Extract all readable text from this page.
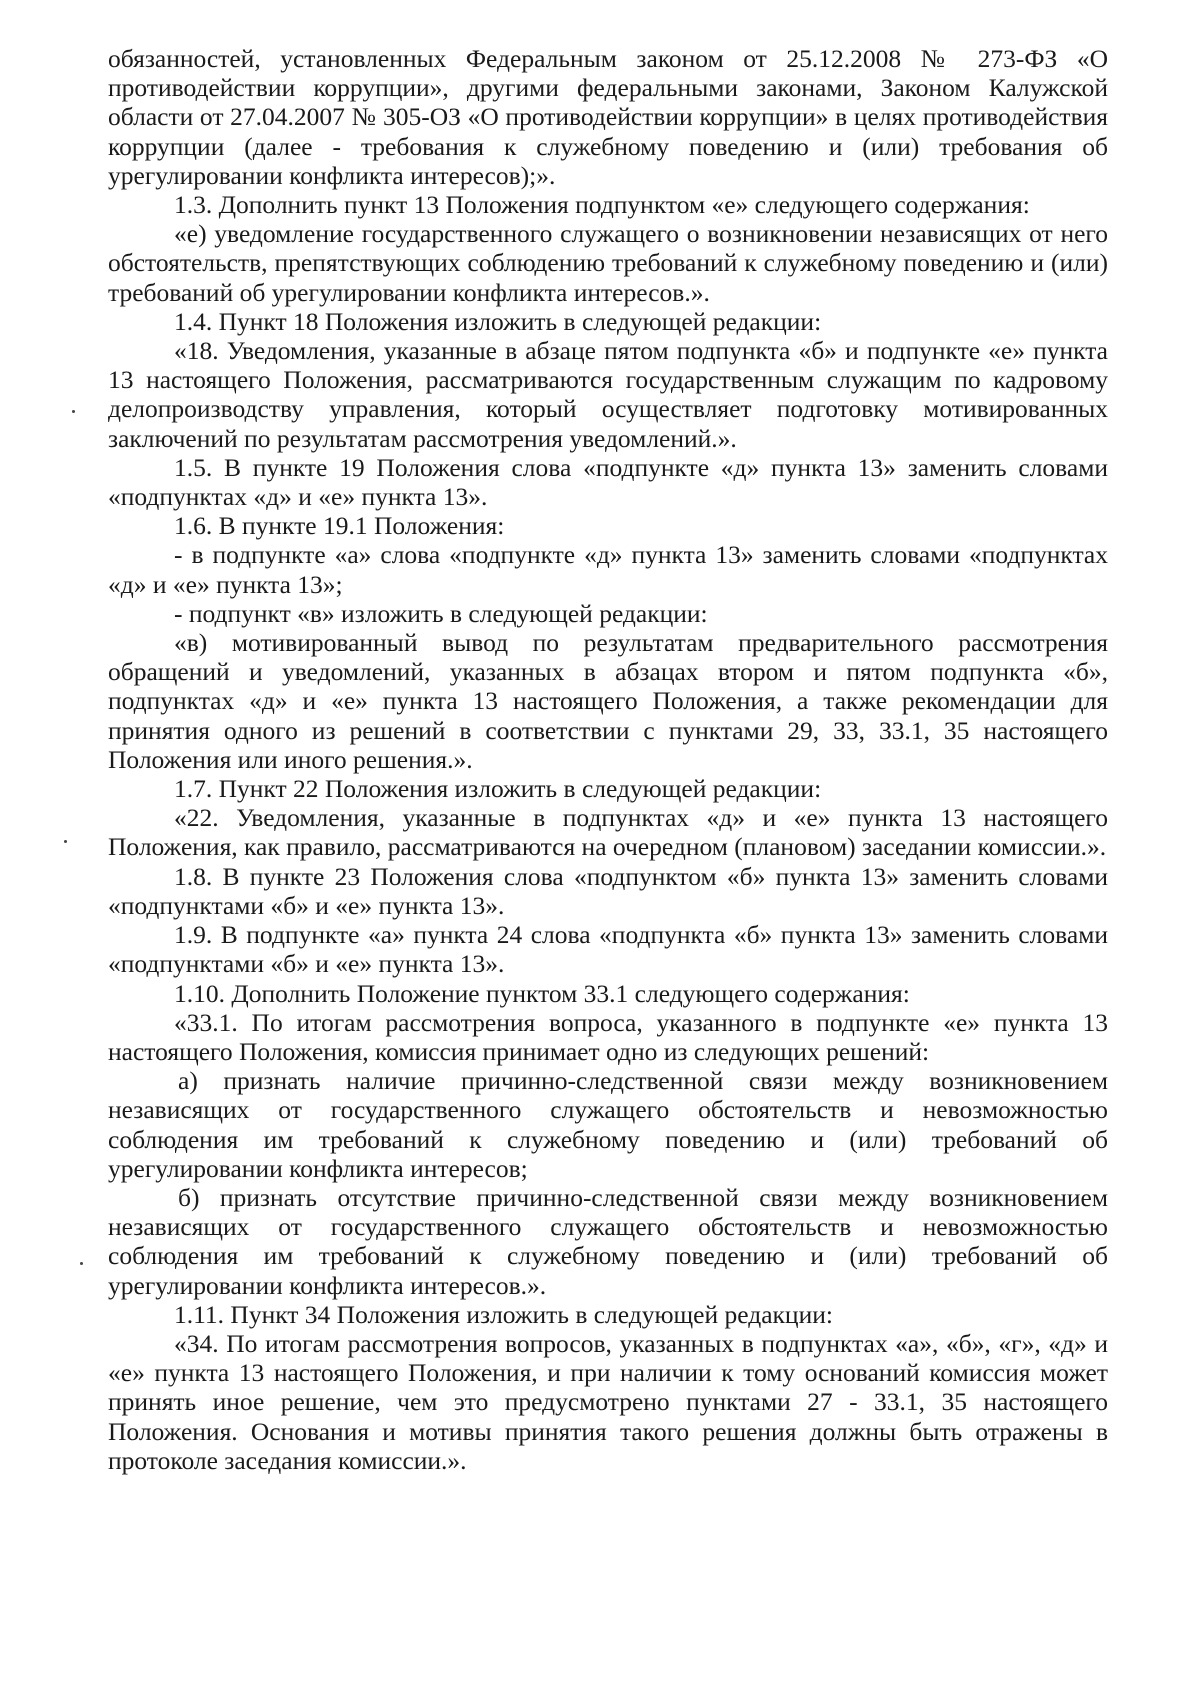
обязанностей, установленных Федеральным законом от 25.12.2008 № 273-ФЗ «О противодействии коррупции», другими федеральными законами, Законом Калужской области от 27.04.2007 № 305-ОЗ «О противодействии коррупции» в целях противодействия коррупции (далее - требования к служебному поведению и (или) требования об урегулировании конфликта интересов);».

1.3. Дополнить пункт 13 Положения подпунктом «е» следующего содержания:

«е) уведомление государственного служащего о возникновении независящих от него обстоятельств, препятствующих соблюдению требований к служебному поведению и (или) требований об урегулировании конфликта интересов.».

1.4. Пункт 18 Положения изложить в следующей редакции:

«18. Уведомления, указанные в абзаце пятом подпункта «б» и подпункте «е» пункта 13 настоящего Положения, рассматриваются государственным служащим по кадровому делопроизводству управления, который осуществляет подготовку мотивированных заключений по результатам рассмотрения уведомлений.».

1.5. В пункте 19 Положения слова «подпункте «д» пункта 13» заменить словами «подпунктах «д» и «е» пункта 13».

1.6. В пункте 19.1 Положения:

- в подпункте «а» слова «подпункте «д» пункта 13» заменить словами «подпунктах «д» и «е» пункта 13»;

- подпункт «в» изложить в следующей редакции:

«в) мотивированный вывод по результатам предварительного рассмотрения обращений и уведомлений, указанных в абзацах втором и пятом подпункта «б», подпунктах «д» и «е» пункта 13 настоящего Положения, а также рекомендации для принятия одного из решений в соответствии с пунктами 29, 33, 33.1, 35 настоящего Положения или иного решения.».

1.7. Пункт 22 Положения изложить в следующей редакции:

«22. Уведомления, указанные в подпунктах «д» и «е» пункта 13 настоящего Положения, как правило, рассматриваются на очередном (плановом) заседании комиссии.».

1.8. В пункте 23 Положения слова «подпунктом «б» пункта 13» заменить словами «подпунктами «б» и «е» пункта 13».

1.9. В подпункте «а» пункта 24 слова «подпункта «б» пункта 13» заменить словами «подпунктами «б» и «е» пункта 13».

1.10. Дополнить Положение пунктом 33.1 следующего содержания:

«33.1. По итогам рассмотрения вопроса, указанного в подпункте «е» пункта 13 настоящего Положения, комиссия принимает одно из следующих решений:

а) признать наличие причинно-следственной связи между возникновением независящих от государственного служащего обстоятельств и невозможностью соблюдения им требований к служебному поведению и (или) требований об урегулировании конфликта интересов;

б) признать отсутствие причинно-следственной связи между возникновением независящих от государственного служащего обстоятельств и невозможностью соблюдения им требований к служебному поведению и (или) требований об урегулировании конфликта интересов.».

1.11. Пункт 34 Положения изложить в следующей редакции:

«34. По итогам рассмотрения вопросов, указанных в подпунктах «а», «б», «г», «д» и «е» пункта 13 настоящего Положения, и при наличии к тому оснований комиссия может принять иное решение, чем это предусмотрено пунктами 27 - 33.1, 35 настоящего Положения. Основания и мотивы принятия такого решения должны быть отражены в протоколе заседания комиссии.».
